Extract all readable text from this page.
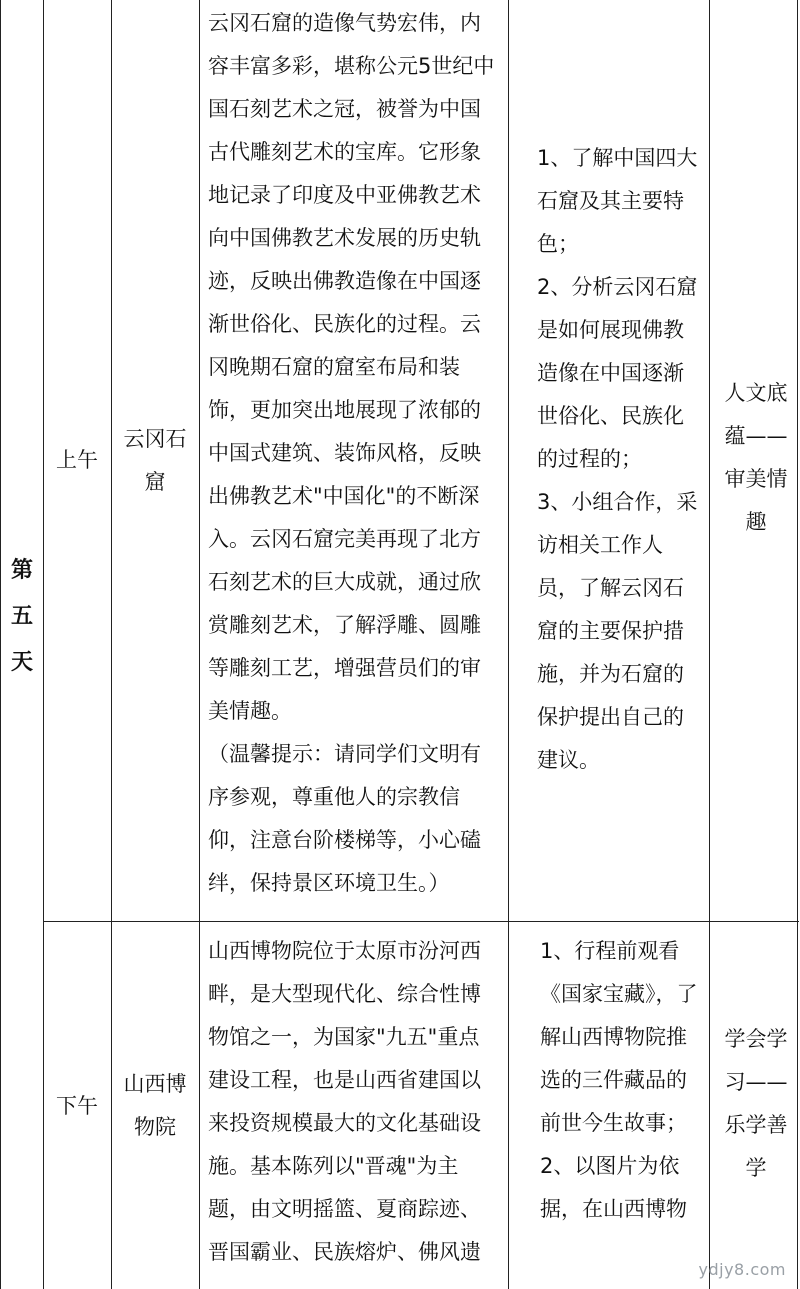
第
五
天
上午
云冈石
窟
云冈石窟的造像气势宏伟，内容丰富多彩，堪称公元5世纪中国石刻艺术之冠，被誉为中国古代雕刻艺术的宝库。它形象地记录了印度及中亚佛教艺术向中国佛教艺术发展的历史轨迹，反映出佛教造像在中国逐渐世俗化、民族化的过程。云冈晚期石窟的窟室布局和装饰，更加突出地展现了浓郁的中国式建筑、装饰风格，反映出佛教艺术"中国化"的不断深入。云冈石窟完美再现了北方石刻艺术的巨大成就，通过欣赏雕刻艺术，了解浮雕、圆雕等雕刻工艺，增强营员们的审美情趣。
（温馨提示：请同学们文明有序参观，尊重他人的宗教信仰，注意台阶楼梯等，小心磕绊，保持景区环境卫生。）
1、了解中国四大石窟及其主要特色；
2、分析云冈石窟是如何展现佛教造像在中国逐渐世俗化、民族化的过程的；
3、小组合作，采访相关工作人员，了解云冈石窟的主要保护措施，并为石窟的保护提出自己的建议。
人文底
蕴——
审美情
趣
下午
山西博
物院
山西博物院位于太原市汾河西畔，是大型现代化、综合性博物馆之一，为国家"九五"重点建设工程，也是山西省建国以来投资规模最大的文化基础设施。基本陈列以"晋魂"为主题，由文明摇篮、夏商踪迹、晋国霸业、民族熔炉、佛风遗
1、行程前观看《国家宝藏》，了解山西博物院推选的三件藏品的前世今生故事；
2、以图片为依据，在山西博物
学会学
习——
乐学善
学
ydjy8.com
